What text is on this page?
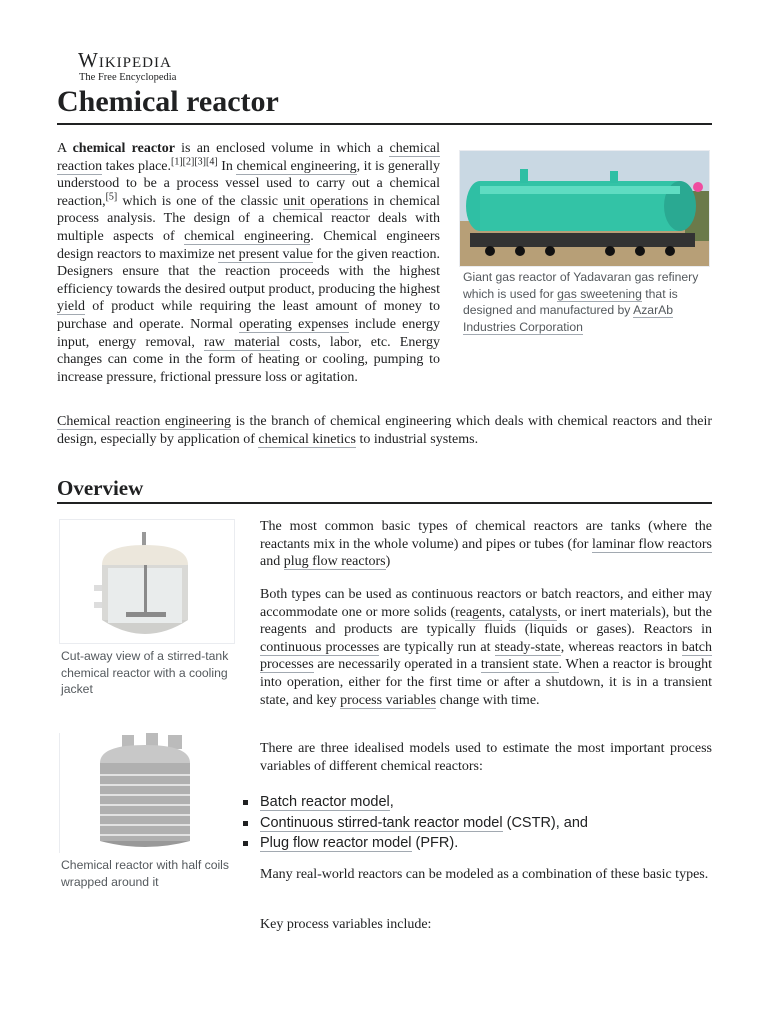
Wikipedia
The Free Encyclopedia
Chemical reactor

A chemical reactor is an enclosed volume in which a chemical reaction takes place.[1][2][3][4] In chemical engineering, it is generally understood to be a process vessel used to carry out a chemical reaction,[5] which is one of the classic unit operations in chemical process analysis. The design of a chemical reactor deals with multiple aspects of chemical engineering. Chemical engineers design reactors to maximize net present value for the given reaction. Designers ensure that the reaction proceeds with the highest efficiency towards the desired output product, producing the highest yield of product while requiring the least amount of money to purchase and operate. Normal operating expenses include energy input, energy removal, raw material costs, labor, etc. Energy changes can come in the form of heating or cooling, pumping to increase pressure, frictional pressure loss or agitation.

Giant gas reactor of Yadavaran gas refinery which is used for gas sweetening that is designed and manufactured by AzarAb Industries Corporation

Chemical reaction engineering is the branch of chemical engineering which deals with chemical reactors and their design, especially by application of chemical kinetics to industrial systems.

Overview
Cut-away view of a stirred-tank chemical reactor with a cooling jacket
Chemical reactor with half coils wrapped around it

The most common basic types of chemical reactors are tanks (where the reactants mix in the whole volume) and pipes or tubes (for laminar flow reactors and plug flow reactors)

Both types can be used as continuous reactors or batch reactors, and either may accommodate one or more solids (reagents, catalysts, or inert materials), but the reagents and products are typically fluids (liquids or gases). Reactors in continuous processes are typically run at steady-state, whereas reactors in batch processes are necessarily operated in a transient state. When a reactor is brought into operation, either for the first time or after a shutdown, it is in a transient state, and key process variables change with time.

There are three idealised models used to estimate the most important process variables of different chemical reactors:

Batch reactor model,
Continuous stirred-tank reactor model (CSTR), and
Plug flow reactor model (PFR).

Many real-world reactors can be modeled as a combination of these basic types.

Key process variables include:
